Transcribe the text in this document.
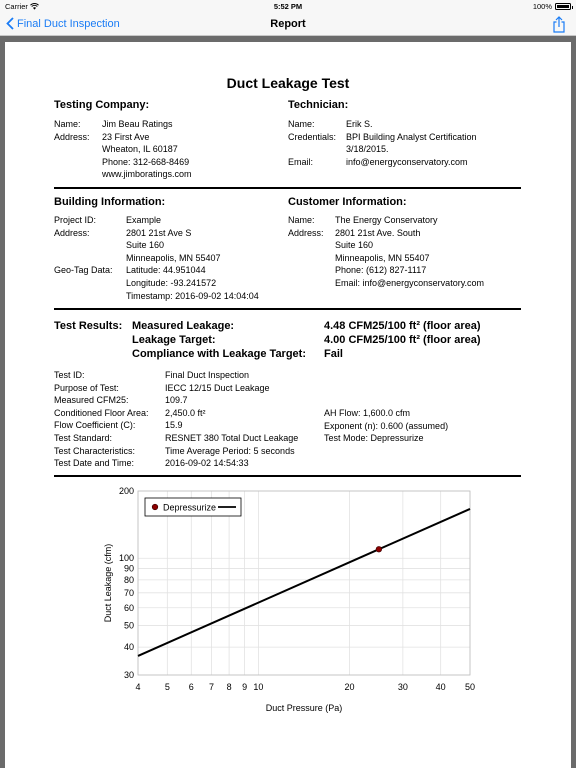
Carrier	5:52 PM	100%
Final Duct Inspection	Report
Duct Leakage Test
Testing Company:
Name:	Jim Beau Ratings
Address:	23 First Ave
Wheaton, IL 60187
Phone: 312-668-8469
www.jimboratings.com
Technician:
Name:	Erik S.
Credentials:	BPI Building Analyst Certification
3/18/2015.
Email:	info@energyconservatory.com
Building Information:
Project ID:	Example
Address:	2801 21st Ave S
Suite 160
Minneapolis, MN 55407
Geo-Tag Data:	Latitude: 44.951044
Longitude: -93.241572
Timestamp: 2016-09-02 14:04:04
Customer Information:
Name:	The Energy Conservatory
Address:	2801 21st Ave. South
Suite 160
Minneapolis, MN 55407
Phone: (612) 827-1117
Email: info@energyconservatory.com
Test Results: Measured Leakage:	4.48 CFM25/100 ft² (floor area)
Leakage Target:	4.00 CFM25/100 ft² (floor area)
Compliance with Leakage Target: Fail
Test ID:	Final Duct Inspection
Purpose of Test:	IECC 12/15 Duct Leakage
Measured CFM25:	109.7
Conditioned Floor Area:	2,450.0 ft²
Flow Coefficient (C):	15.9
Test Standard:	RESNET 380 Total Duct Leakage
Test Characteristics:	Time Average Period: 5 seconds
Test Date and Time:	2016-09-02 14:54:33
AH Flow: 1,600.0 cfm
Exponent (n): 0.600 (assumed)
Test Mode: Depressurize
4	5 6 7 8 9 10	20	30	40 50
30
40
50
60
70
80
90
100
200
Duct Pressure (Pa)
Duct Leakage (cfm)
Depressurize
